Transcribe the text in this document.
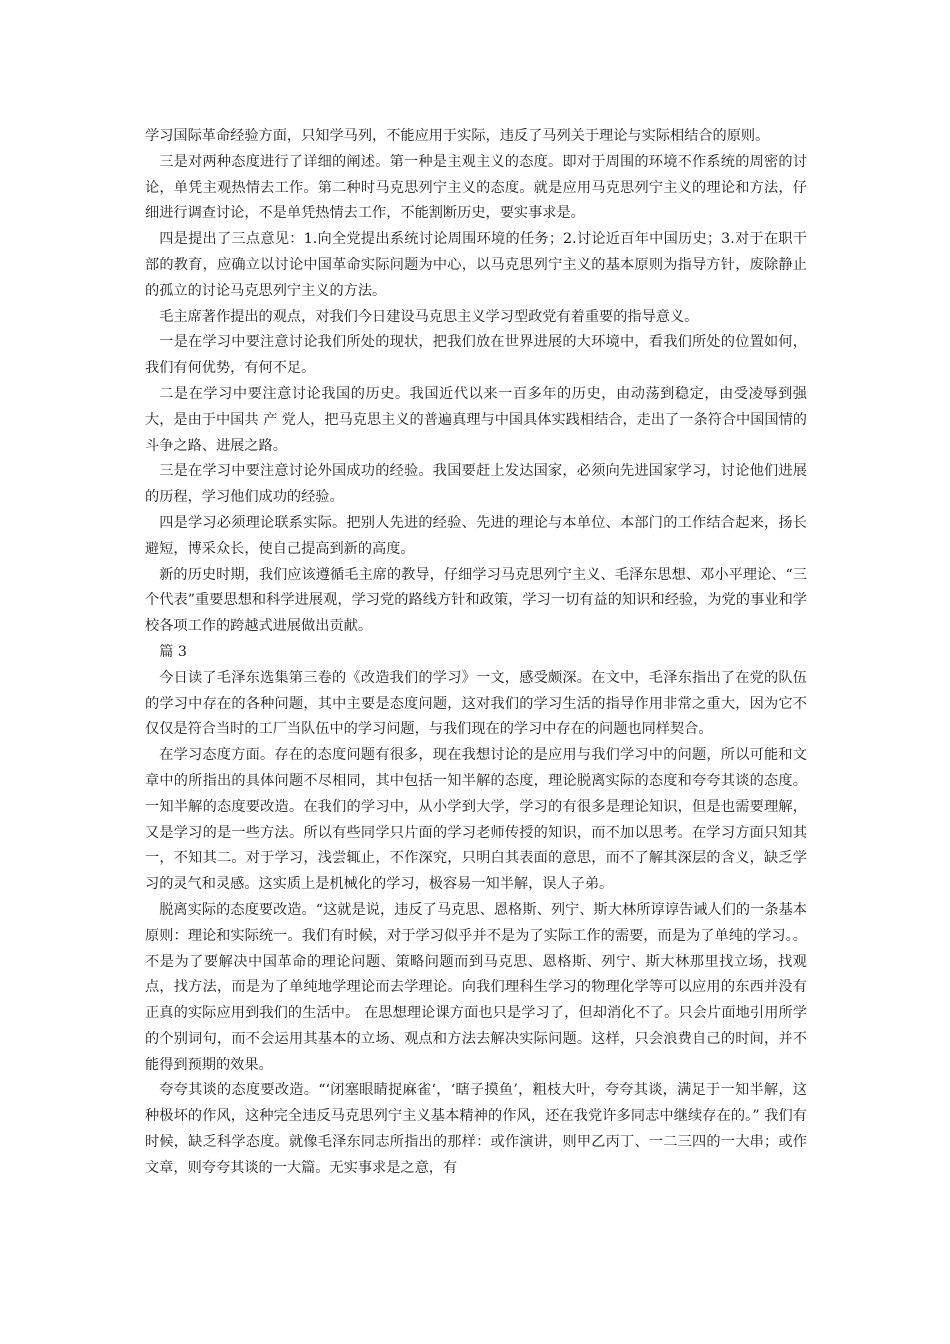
学习国际革命经验方面，只知学马列，不能应用于实际，违反了马列关于理论与实际相结合的原则。

三是对两种态度进行了详细的阐述。第一种是主观主义的态度。即对于周围的环境不作系统的周密的讨论，单凭主观热情去工作。第二种时马克思列宁主义的态度。就是应用马克思列宁主义的理论和方法，仔细进行调查讨论，不是单凭热情去工作，不能割断历史，要实事求是。

四是提出了三点意见：1.向全党提出系统讨论周围环境的任务；2.讨论近百年中国历史；3.对于在职干部的教育，应确立以讨论中国革命实际问题为中心，以马克思列宁主义的基本原则为指导方针，废除静止的孤立的讨论马克思列宁主义的方法。

毛主席著作提出的观点，对我们今日建设马克思主义学习型政党有着重要的指导意义。

一是在学习中要注意讨论我们所处的现状，把我们放在世界进展的大环境中，看我们所处的位置如何，我们有何优势，有何不足。

二是在学习中要注意讨论我国的历史。我国近代以来一百多年的历史，由动荡到稳定，由受凌辱到强大，是由于中国共 产 党人，把马克思主义的普遍真理与中国具体实践相结合，走出了一条符合中国国情的斗争之路、进展之路。

三是在学习中要注意讨论外国成功的经验。我国要赶上发达国家，必须向先进国家学习，讨论他们进展的历程，学习他们成功的经验。

四是学习必须理论联系实际。把别人先进的经验、先进的理论与本单位、本部门的工作结合起来，扬长避短，博采众长，使自己提高到新的高度。

新的历史时期，我们应该遵循毛主席的教导，仔细学习马克思列宁主义、毛泽东思想、邓小平理论、“三个代表”重要思想和科学进展观，学习党的路线方针和政策，学习一切有益的知识和经验，为党的事业和学校各项工作的跨越式进展做出贡献。

篇 3

今日读了毛泽东选集第三卷的《改造我们的学习》一文，感受颇深。在文中，毛泽东指出了在党的队伍的学习中存在的各种问题，其中主要是态度问题，这对我们的学习生活的指导作用非常之重大，因为它不仅仅是符合当时的工厂当队伍中的学习问题，与我们现在的学习中存在的问题也同样契合。

在学习态度方面。存在的态度问题有很多，现在我想讨论的是应用与我们学习中的问题，所以可能和文章中的所指出的具体问题不尽相同，其中包括一知半解的态度，理论脱离实际的态度和夸夸其谈的态度。 一知半解的态度要改造。在我们的学习中，从小学到大学，学习的有很多是理论知识，但是也需要理解，又是学习的是一些方法。所以有些同学只片面的学习老师传授的知识，而不加以思考。在学习方面只知其一，不知其二。对于学习，浅尝辄止，不作深究，只明白其表面的意思，而不了解其深层的含义，缺乏学习的灵气和灵感。这实质上是机械化的学习，极容易一知半解，误人子弟。

脱离实际的态度要改造。“这就是说，违反了马克思、恩格斯、列宁、斯大林所谆谆告诫人们的一条基本原则：理论和实际统一。我们有时候，对于学习似乎并不是为了实际工作的需要，而是为了单纯的学习。。不是为了要解决中国革命的理论问题、策略问题而到马克思、恩格斯、列宁、斯大林那里找立场，找观点，找方法，而是为了单纯地学理论而去学理论。向我们理科生学习的物理化学等可以应用的东西并没有正真的实际应用到我们的生活中。 在思想理论课方面也只是学习了，但却消化不了。只会片面地引用所学的个别词句，而不会运用其基本的立场、观点和方法去解决实际问题。这样，只会浪费自己的时间，并不能得到预期的效果。

夸夸其谈的态度要改造。“‘闭塞眼睛捉麻雀‘，‘瞎子摸鱼’，粗枝大叶，夸夸其谈，满足于一知半解，这种极坏的作风，这种完全违反马克思列宁主义基本精神的作风，还在我党许多同志中继续存在的。” 我们有时候，缺乏科学态度。就像毛泽东同志所指出的那样：或作演讲，则甲乙丙丁、一二三四的一大串；或作文章，则夸夸其谈的一大篇。无实事求是之意，有
